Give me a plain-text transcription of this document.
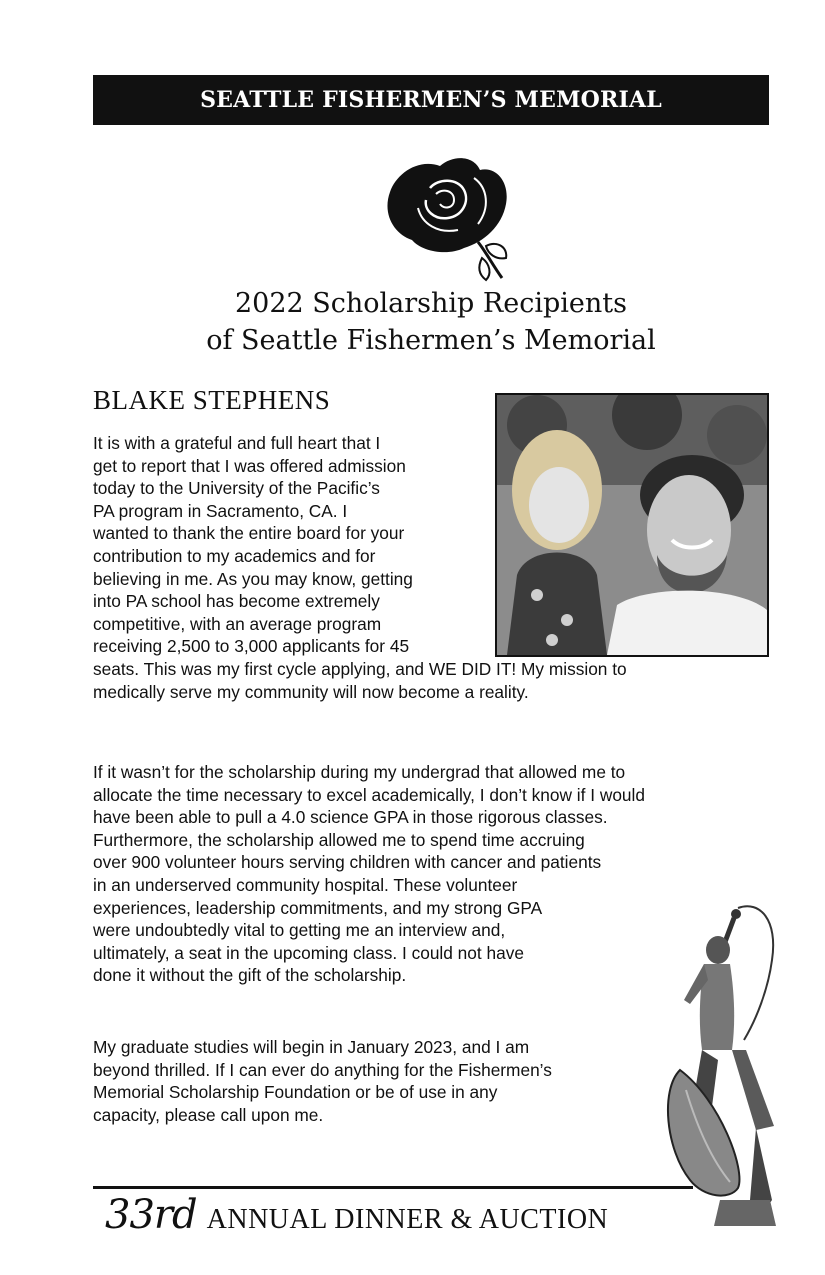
SEATTLE FISHERMEN’S MEMORIAL
2022 Scholarship Recipients
of Seattle Fishermen’s Memorial
BLAKE STEPHENS
It is with a grateful and full heart that I
get to report that I was offered admission
today to the University of the Pacific’s
PA program in Sacramento, CA. I
wanted to thank the entire board for your
contribution to my academics and for
believing in me. As you may know, getting
into PA school has become extremely
competitive, with an average program
receiving 2,500 to 3,000 applicants for 45
seats. This was my first cycle applying, and WE DID IT! My mission to
medically serve my community will now become a reality.
If it wasn’t for the scholarship during my undergrad that allowed me to
allocate the time necessary to excel academically, I don’t know if I would
have been able to pull a 4.0 science GPA in those rigorous classes.
Furthermore, the scholarship allowed me to spend time accruing
over 900 volunteer hours serving children with cancer and patients
in an underserved community hospital. These volunteer
experiences, leadership commitments, and my strong GPA
were undoubtedly vital to getting me an interview and,
ultimately, a seat in the upcoming class. I could not have
done it without the gift of the scholarship.
My graduate studies will begin in January 2023, and I am
beyond thrilled. If I can ever do anything for the Fishermen’s
Memorial Scholarship Foundation or be of use in any
capacity, please call upon me.
33rd ANNUAL DINNER & AUCTION
